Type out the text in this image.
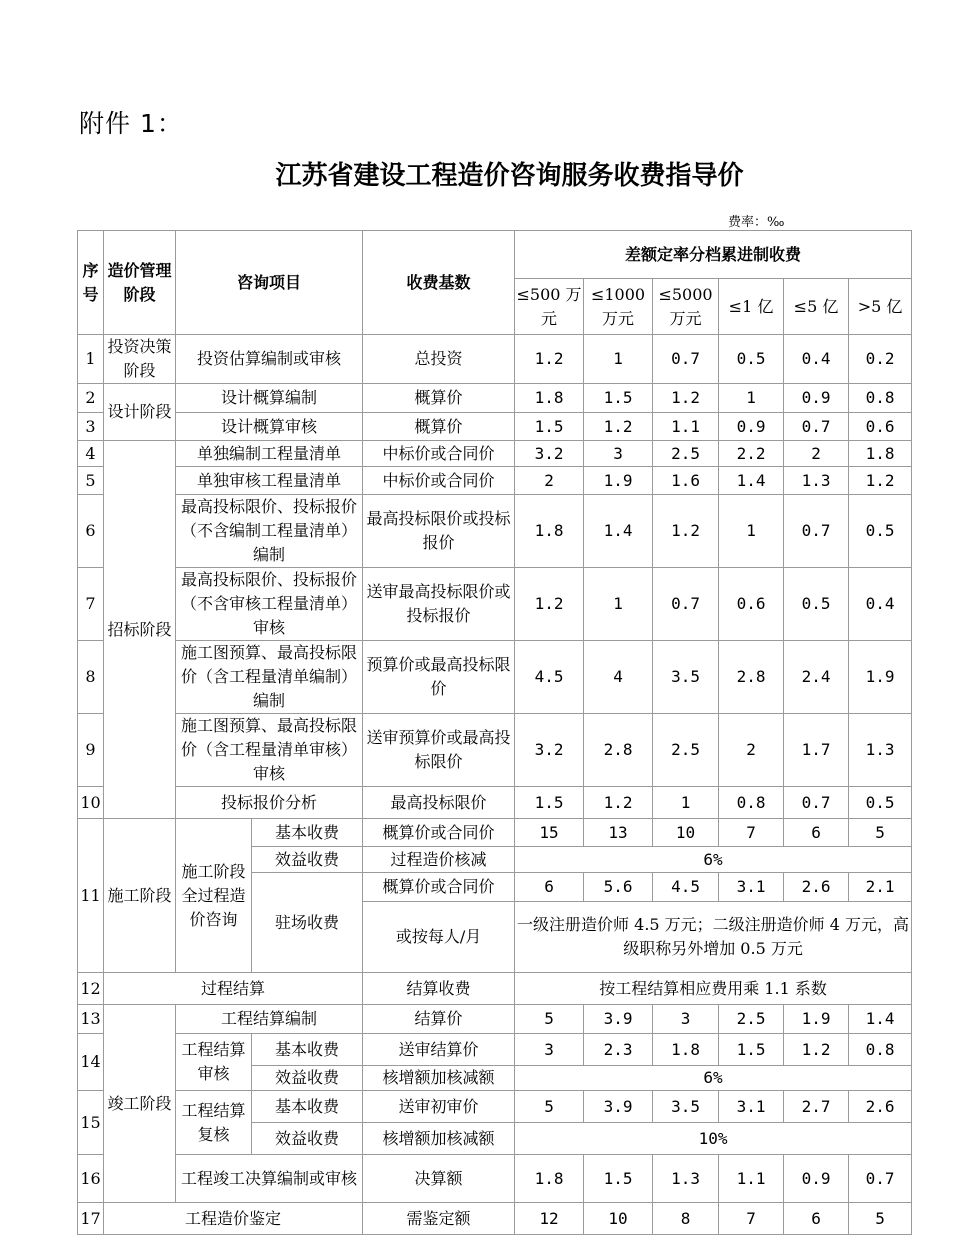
附件 1：
江苏省建设工程造价咨询服务收费指导价
费率：‰
序号	造价管理阶段	咨询项目		收费基数	差额定率分档累进制收费					
					≤500 万元	≤1000 万元	≤5000 万元	≤1 亿	≤5 亿	>5 亿
1	投资决策阶段	投资估算编制或审核		总投资	1.2	1	0.7	0.5	0.4	0.2
2	设计阶段	设计概算编制		概算价	1.8	1.5	1.2	1	0.9	0.8
3		设计概算审核		概算价	1.5	1.2	1.1	0.9	0.7	0.6
4	招标阶段	单独编制工程量清单		中标价或合同价	3.2	3	2.5	2.2	2	1.8
5		单独审核工程量清单		中标价或合同价	2	1.9	1.6	1.4	1.3	1.2
6		最高投标限价、投标报价（不含编制工程量清单）编制		最高投标限价或投标报价	1.8	1.4	1.2	1	0.7	0.5
7		最高投标限价、投标报价（不含审核工程量清单）审核		送审最高投标限价或投标报价	1.2	1	0.7	0.6	0.5	0.4
8		施工图预算、最高投标限价（含工程量清单编制）编制		预算价或最高投标限价	4.5	4	3.5	2.8	2.4	1.9
9		施工图预算、最高投标限价（含工程量清单审核）审核		送审预算价或最高投标限价	3.2	2.8	2.5	2	1.7	1.3
10		投标报价分析		最高投标限价	1.5	1.2	1	0.8	0.7	0.5
11	施工阶段	施工阶段全过程造价咨询	基本收费	概算价或合同价	15	13	10	7	6	5
			效益收费	过程造价核减	6%					
			驻场收费	概算价或合同价	6	5.6	4.5	3.1	2.6	2.1
				或按每人/月	一级注册造价师 4.5 万元；二级注册造价师 4 万元，高级职称另外增加 0.5 万元					
12	过程结算			结算收费	按工程结算相应费用乘 1.1 系数					
13	竣工阶段	工程结算编制		结算价	5	3.9	3	2.5	1.9	1.4
14		工程结算审核	基本收费	送审结算价	3	2.3	1.8	1.5	1.2	0.8
			效益收费	核增额加核减额	6%					
15		工程结算复核	基本收费	送审初审价	5	3.9	3.5	3.1	2.7	2.6
			效益收费	核增额加核减额	10%					
16		工程竣工决算编制或审核		决算额	1.8	1.5	1.3	1.1	0.9	0.7
17	工程造价鉴定			需鉴定额	12	10	8	7	6	5
